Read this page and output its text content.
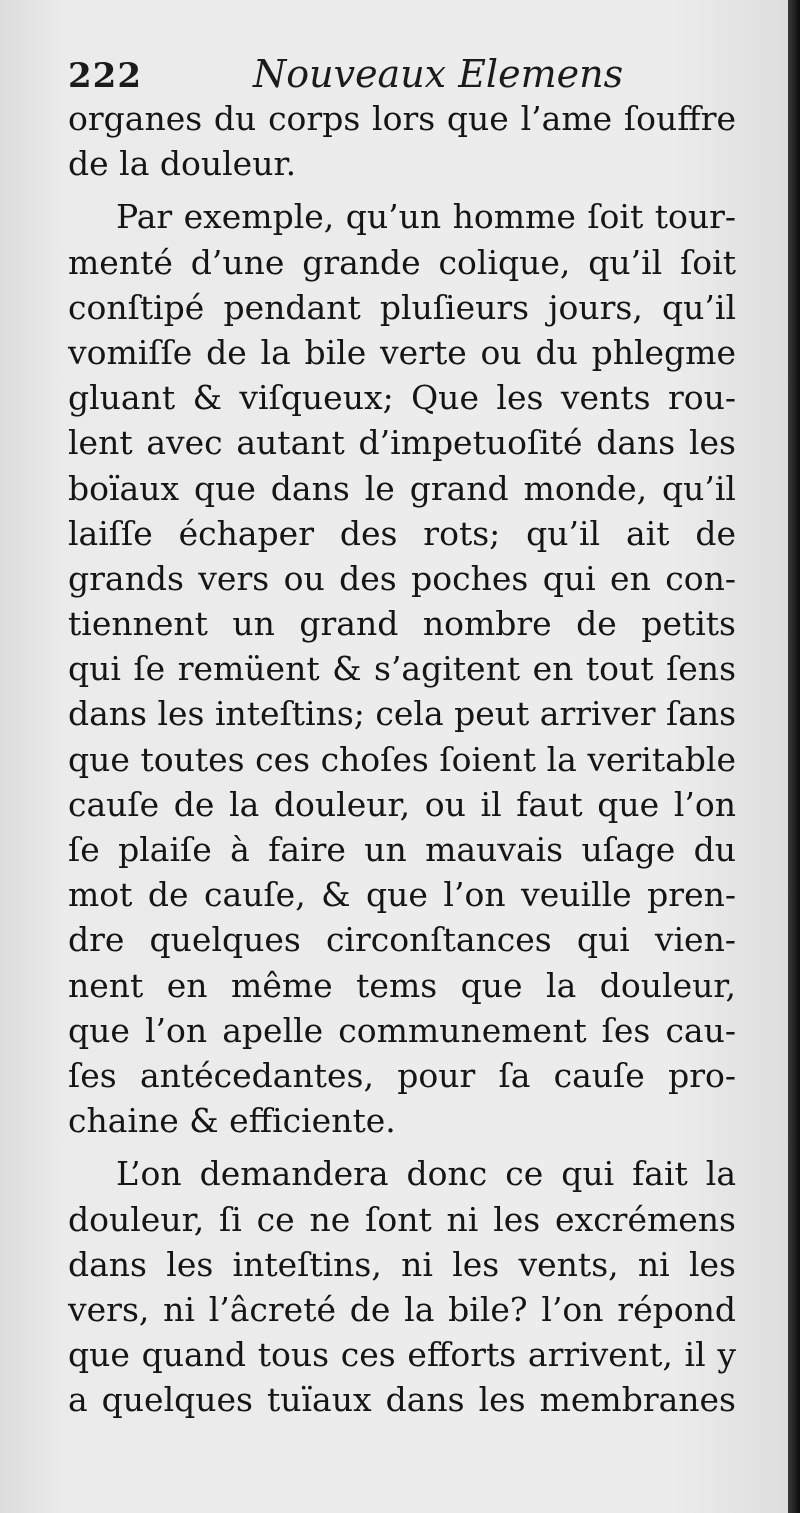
222	Nouveaux Elemens
organes du corps lors que l’ame ſouffre
de la douleur.
Par exemple, qu’un homme ſoit tour-
menté d’une grande colique, qu’il ſoit
conſtipé pendant pluſieurs jours, qu’il
vomiſſe de la bile verte ou du phlegme
gluant & viſqueux; Que les vents rou-
lent avec autant d’impetuoſité dans les
boïaux que dans le grand monde, qu’il
laiſſe échaper des rots; qu’il ait de
grands vers ou des poches qui en con-
tiennent un grand nombre de petits
qui ſe remüent & s’agitent en tout ſens
dans les inteſtins; cela peut arriver ſans
que toutes ces choſes ſoient la veritable
cauſe de la douleur, ou il faut que l’on
ſe plaiſe à faire un mauvais uſage du
mot de cauſe, & que l’on veuille pren-
dre quelques circonſtances qui vien-
nent en même tems que la douleur,
que l’on apelle communement ſes cau-
ſes antécedantes, pour ſa cauſe pro-
chaine & efficiente.
L’on demandera donc ce qui fait la
douleur, ſi ce ne ſont ni les excrémens
dans les inteſtins, ni les vents, ni les
vers, ni l’âcreté de la bile? l’on répond
que quand tous ces efforts arrivent, il y
a quelques tuïaux dans les membranes
